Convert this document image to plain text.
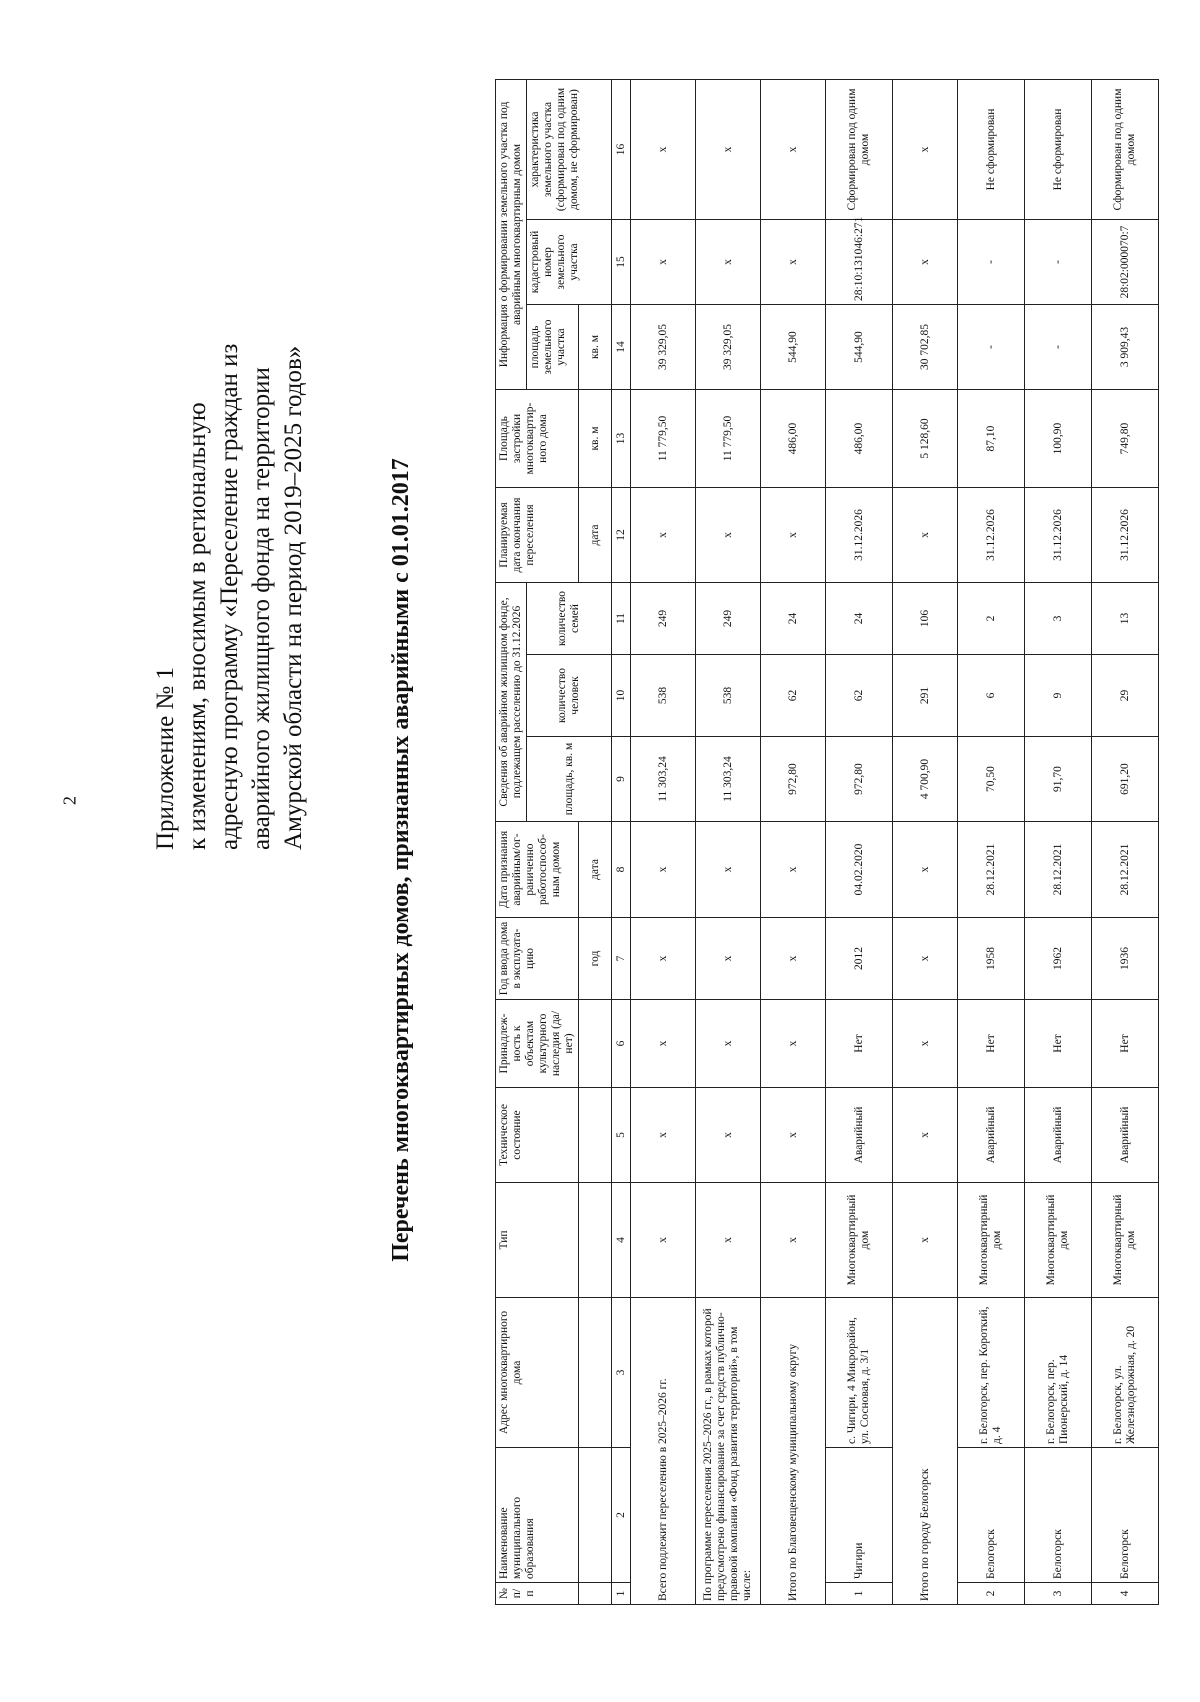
2	Приложение № 1 к изменениям, вносимым в региональную адресную программу «Переселение граждан из аварийного жилищного фонда на территории Амурской области на период 2019–2025 годов»	Перечень многоквартирных домов, признанных аварийными с 01.01.2017
№ п/п	Наименование муниципального образования	Адрес многоквартирного дома	Тип	Техническое состояние	Принадлеж-ность к объектам культурного наследия (да/нет)	Год ввода дома в эксплуата-цию	Дата признания аварийным/ог-раниченно работоспособ-ным домом	Сведения об аварийном жилищном фонде, подлежащем расселению до 31.12.2026			Планируемая дата окончания переселения	Площадь застройки многоквартир-ного дома	Информация о формировании земельного участка под аварийным многоквартирным домом		
								площадь, кв. м	количество человек	количество семей			площадь земельного участка	кадастровый номер земельного участка	характеристика земельного участка (сформирован под одним домом, не сформирован)
						год	дата				дата	кв. м	кв. м		
1	2	3	4	5	6	7	8	9	10	11	12	13	14	15	16
Всего подлежит переселению в 2025–2026 гг.			х	х	х	х	х	11 303,24	538	249	х	11 779,50	39 329,05	х	х
По программе переселения 2025–2026 гг., в рамках которой предусмотрено финансирование за счет средств публично-правовой компании «Фонд развития территорий», в том числе:			х	х	х	х	х	11 303,24	538	249	х	11 779,50	39 329,05	х	х
Итого по Благовещенскому муниципальному округу			х	х	х	х	х	972,80	62	24	х	486,00	544,90	х	х
1	Чигири	с. Чигири, 4 Микрорайон, ул. Сосновая, д. 3/1	Многоквартирный дом	Аварийный	Нет	2012	04.02.2020	972,80	62	24	31.12.2026	486,00	544,90	28:10:131046:271	Сформирован под одним домом
Итого по городу Белогорск			х	х	х	х	х	4 700,90	291	106	х	5 128,60	30 702,85	х	х
2	Белогорск	г. Белогорск, пер. Короткий, д. 4	Многоквартирный дом	Аварийный	Нет	1958	28.12.2021	70,50	6	2	31.12.2026	87,10	-	-	Не сформирован
3	Белогорск	г. Белогорск, пер. Пионерский, д. 14	Многоквартирный дом	Аварийный	Нет	1962	28.12.2021	91,70	9	3	31.12.2026	100,90	-	-	Не сформирован
4	Белогорск	г. Белогорск, ул. Железнодорожная, д. 20	Многоквартирный дом	Аварийный	Нет	1936	28.12.2021	691,20	29	13	31.12.2026	749,80	3 909,43	28:02:000070:7	Сформирован под одним домом
